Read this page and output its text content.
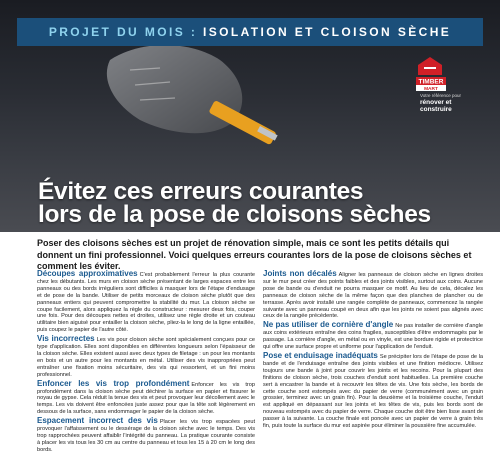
PROJET DU MOIS : ISOLATION ET CLOISON SÈCHE
TIMBER
MART
Votre référence pour
rénover et construire
Évitez ces erreurs courantes
lors de la pose de cloisons sèches
Poser des cloisons sèches est un projet de rénovation simple, mais ce sont les petits détails qui donnent un fini professionnel. Voici quelques erreurs courantes lors de la pose de cloisons sèches et comment les éviter.
Découpes approximatives C'est probablement l'erreur la plus courante chez les débutants. Les murs en cloison sèche présentant de larges espaces entre les panneaux ou des bords irréguliers sont difficiles à masquer lors de l'étape d'endusage et de pose de la bande. Utiliser de petits morceaux de cloison sèche plutôt que des panneaux entiers qui peuvent compromettre la stabilité du mur. La cloison sèche se coupe facilement, alors appliquez la règle du constructeur : mesurer deux fois, couper une fois. Pour des découpes nettes et droites, utilisez une règle droite et un couteau utilitaire bien aiguisé pour entailler la cloison sèche, pliez-la le long de la ligne entaillée, puis coupez le papier de l'autre côté.
Vis incorrectes Les vis pour cloison sèche sont spécialement conçues pour ce type d'application. Elles sont disponibles en différentes longueurs selon l'épaisseur de la cloison sèche. Elles existent aussi avec deux types de filetage : un pour les montants en bois et un autre pour les montants en métal. Utiliser des vis inappropriées peut entraîner une fixation moins sécuritaire, des vis qui ressortent, et un fini moins professionnel.
Enfoncer les vis trop profondément Enfoncer les vis trop profondément dans la cloison sèche peut déchirer la surface en papier et fissurer le noyau de gypse. Cela réduit la tenue des vis et peut provoquer leur décollement avec le temps. Les vis doivent être enfoncées juste assez pour que la tête soit légèrement en dessous de la surface, sans endommager le papier de la cloison sèche.
Espacement incorrect des vis Placer les vis trop espacées peut provoquer l'affaissement ou le dessérage de la cloison sèche avec le temps. Des vis trop rapprochées peuvent affaiblir l'intégrité du panneau. La pratique courante consiste à placer les vis tous les 30 cm au centre du panneau et tous les 15 à 20 cm le long des bords.
Joints non décalés Aligner les panneaux de cloison sèche en lignes droites sur le mur peut créer des points faibles et des joints visibles, surtout aux coins. Aucune pose de bande ou d'enduit ne pourra masquer ce motif. Au lieu de cela, décalez les panneaux de cloison sèche de la même façon que des planches de plancher ou de terrasse. Après avoir installé une rangée complète de panneaux, commencez la rangée suivante avec un panneau coupé en deux afin que les joints ne soient pas alignés avec ceux de la rangée précédente.
Ne pas utiliser de cornière d'angle Ne pas installer de cornière d'angle aux coins extérieurs entraîne des coins fragiles, susceptibles d'être endommagés par le passage. La cornière d'angle, en métal ou en vinyle, est une bordure rigide et protectrice qui offre une surface propre et uniforme pour l'application de l'enduit.
Pose et enduisage inadéquats Se précipiter lors de l'étape de pose de la bande et de l'enduisage entraîne des joints visibles et une finition médiocre. Utilisez toujours une bande à joint pour couvrir les joints et les recoins. Pour la plupart des finitions de cloison sèche, trois couches d'enduit sont habituelles. La première couche sert à encastrer la bande et à recouvrir les têtes de vis. Une fois sèche, les bords de cette couche sont estompés avec du papier de verre (communément avec un grain grossier, terminez avec un grain fin). Pour la deuxième et la troisième couche, l'enduit est appliqué en dépassant sur les joints et les têtes de vis, puis les bords sont de nouveau estompés avec du papier de verre. Chaque couche doit être bien lisse avant de passer à la suivante. La couche finale est poncée avec un papier de verre à grain très fin, puis toute la surface du mur est aspirée pour éliminer la poussière fine accumulée.
